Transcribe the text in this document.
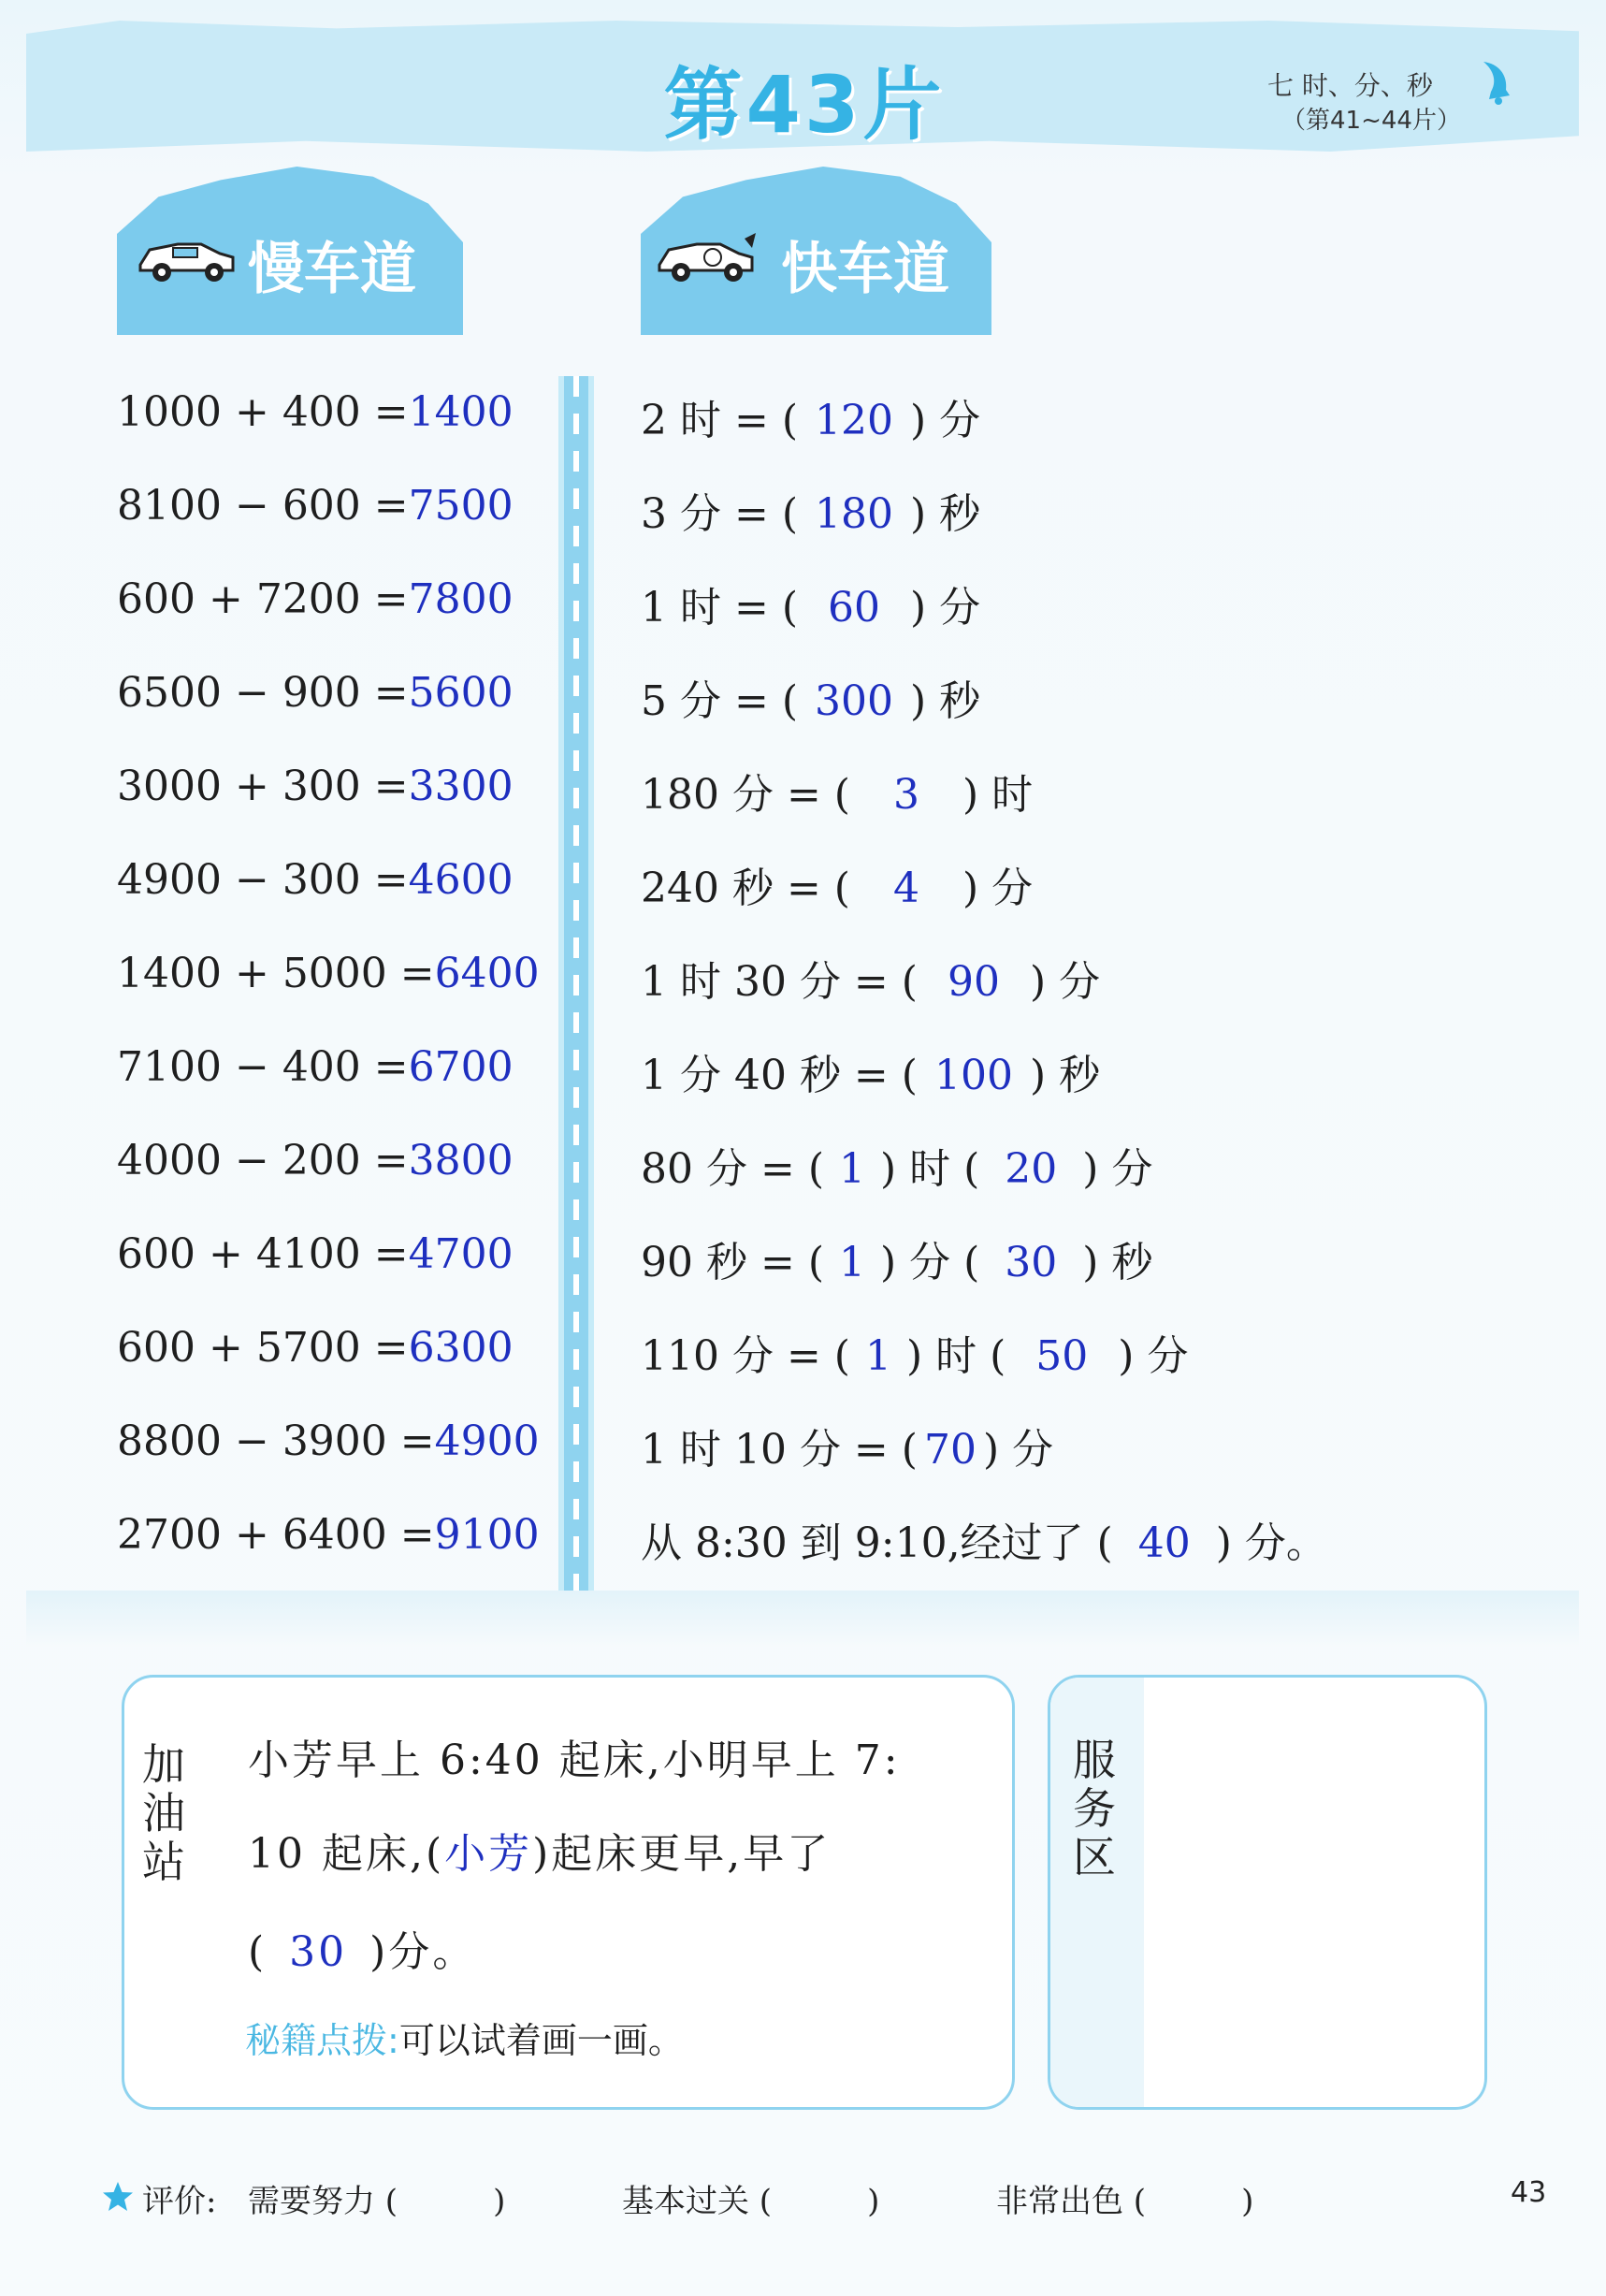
第43片	七 时、分、秒
（第41~44片）
慢车道	快车道
1000 + 400 =1400
8100 − 600 =7500
600 + 7200 =7800
6500 − 900 =5600
3000 + 300 =3300
4900 − 300 =4600
1400 + 5000 =6400
7100 − 400 =6700
4000 − 200 =3800
600 + 4100 =4700
600 + 5700 =6300
8800 − 3900 =4900
2700 + 6400 =9100
2 时 = ( 120 ) 分
3 分 = ( 180 ) 秒
1 时 = ( 60 ) 分
5 分 = ( 300 ) 秒
180 分 = ( 3 ) 时
240 秒 = ( 4 ) 分
1 时 30 分 = ( 90 ) 分
1 分 40 秒 = ( 100 ) 秒
80 分 = ( 1 ) 时 ( 20 ) 分
90 秒 = ( 1 ) 分 ( 30 ) 秒
110 分 = ( 1 ) 时 ( 50 ) 分
1 时 10 分 = ( 70 ) 分
从 8:30 到 9:10,经过了 ( 40 ) 分。
加油站
小芳早上 6:40 起床,小明早上 7:
10 起床,(小芳)起床更早,早了
( 30 )分。
秘籍点拨:可以试着画一画。
服务区
评价: 需要努力 (　　　)	基本过关 (　　　)	非常出色 (　　　)	43
